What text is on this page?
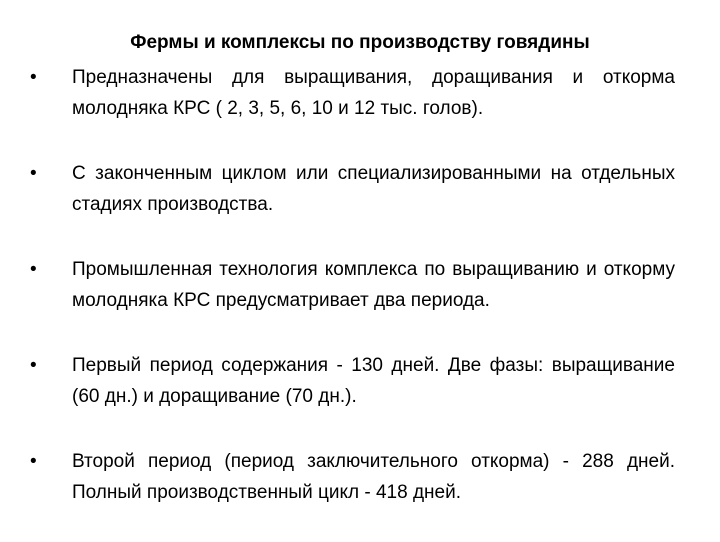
Фермы и комплексы по производству говядины
• Предназначены для выращивания, доращивания и откорма молодняка КРС ( 2, 3, 5, 6, 10 и 12 тыс. голов).
• С законченным циклом или специализированными на отдельных стадиях производства.
• Промышленная технология комплекса по выращиванию и откорму молодняка КРС предусматривает два периода.
• Первый период содержания - 130 дней. Две фазы: выращивание (60 дн.) и доращивание (70 дн.).
• Второй период (период заключительного откорма) - 288 дней. Полный производственный цикл - 418 дней.
